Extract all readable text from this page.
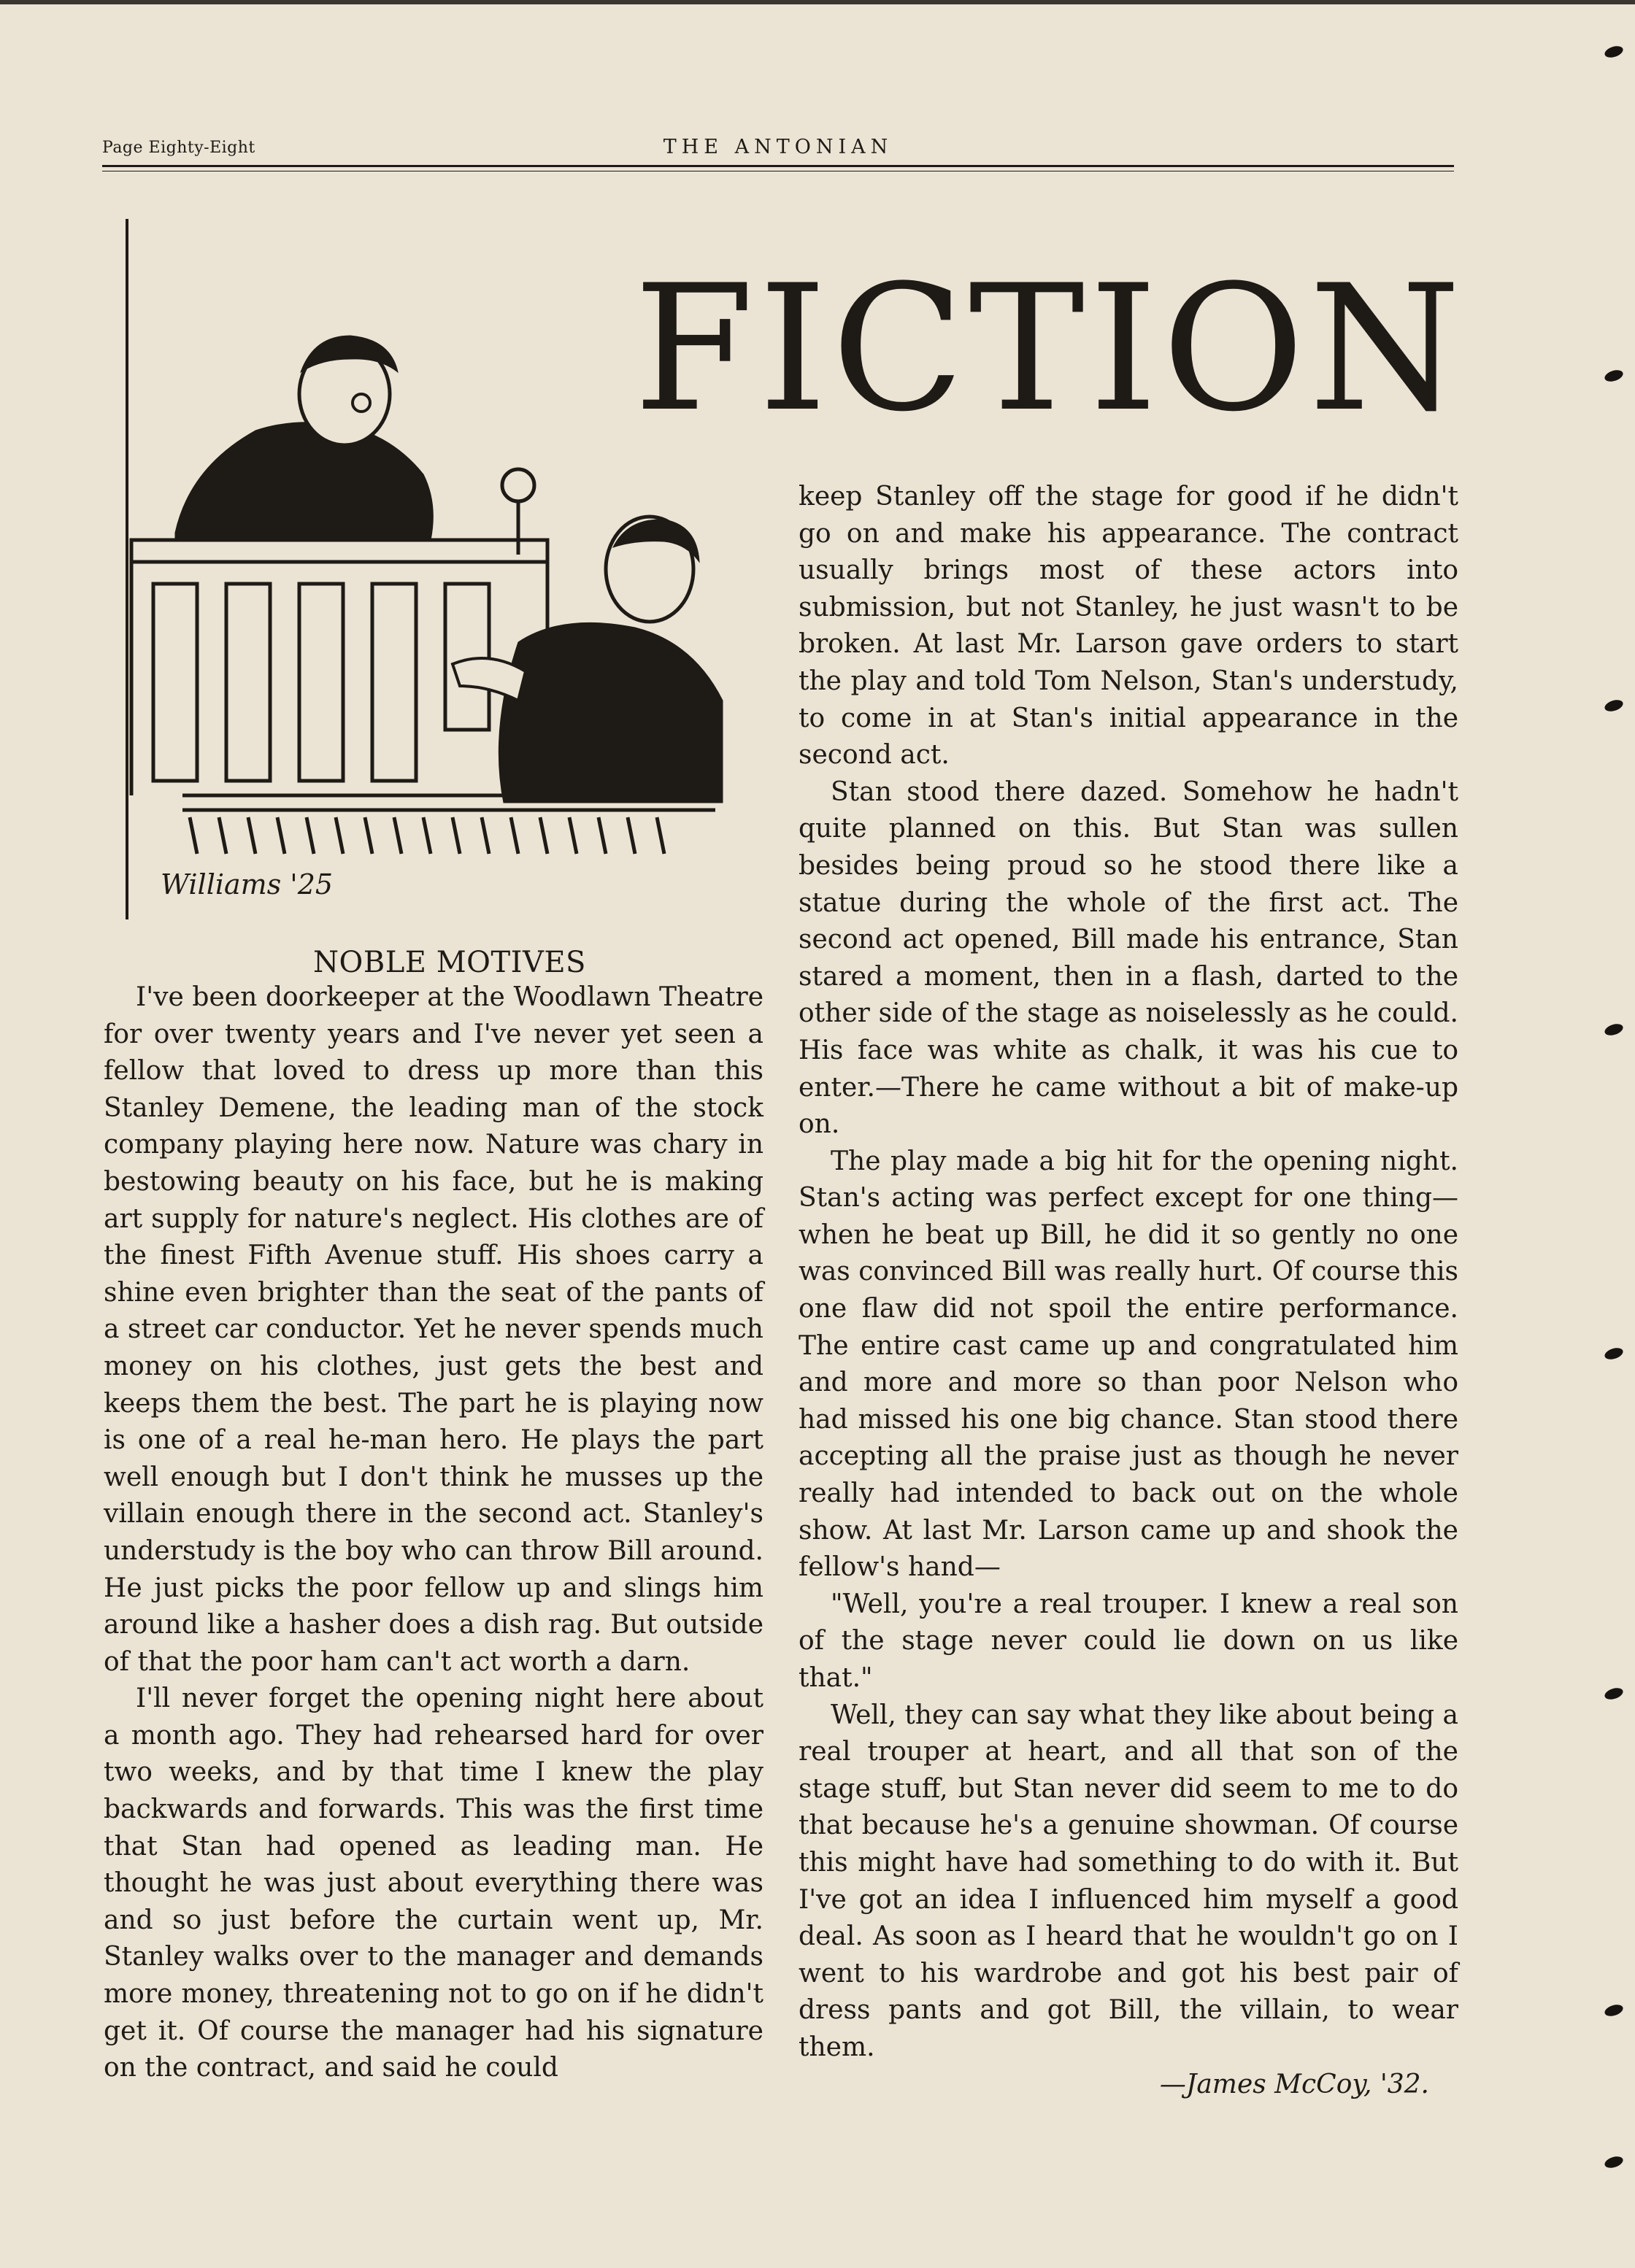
Page Eighty-Eight	THE ANTONIAN
Williams '25
FICTION

NOBLE MOTIVES

I've been doorkeeper at the Woodlawn Theatre for over twenty years and I've never yet seen a fellow that loved to dress up more than this Stanley Demene, the leading man of the stock company playing here now. Nature was chary in bestowing beauty on his face, but he is making art supply for nature's neglect. His clothes are of the finest Fifth Avenue stuff. His shoes carry a shine even brighter than the seat of the pants of a street car conductor. Yet he never spends much money on his clothes, just gets the best and keeps them the best. The part he is playing now is one of a real he-man hero. He plays the part well enough but I don't think he musses up the villain enough there in the second act. Stanley's understudy is the boy who can throw Bill around. He just picks the poor fellow up and slings him around like a hasher does a dish rag. But outside of that the poor ham can't act worth a darn.

I'll never forget the opening night here about a month ago. They had rehearsed hard for over two weeks, and by that time I knew the play backwards and forwards. This was the first time that Stan had opened as leading man. He thought he was just about everything there was and so just before the curtain went up, Mr. Stanley walks over to the manager and demands more money, threatening not to go on if he didn't get it. Of course the manager had his signature on the contract, and said he could

keep Stanley off the stage for good if he didn't go on and make his appearance. The contract usually brings most of these actors into submission, but not Stanley, he just wasn't to be broken. At last Mr. Larson gave orders to start the play and told Tom Nelson, Stan's understudy, to come in at Stan's initial appearance in the second act.

Stan stood there dazed. Somehow he hadn't quite planned on this. But Stan was sullen besides being proud so he stood there like a statue during the whole of the first act. The second act opened, Bill made his entrance, Stan stared a moment, then in a flash, darted to the other side of the stage as noiselessly as he could. His face was white as chalk, it was his cue to enter.—There he came without a bit of make-up on.

The play made a big hit for the opening night. Stan's acting was perfect except for one thing—when he beat up Bill, he did it so gently no one was convinced Bill was really hurt. Of course this one flaw did not spoil the entire performance. The entire cast came up and congratulated him and more and more so than poor Nelson who had missed his one big chance. Stan stood there accepting all the praise just as though he never really had intended to back out on the whole show. At last Mr. Larson came up and shook the fellow's hand—

"Well, you're a real trouper. I knew a real son of the stage never could lie down on us like that."

Well, they can say what they like about being a real trouper at heart, and all that son of the stage stuff, but Stan never did seem to me to do that because he's a genuine showman. Of course this might have had something to do with it. But I've got an idea I influenced him myself a good deal. As soon as I heard that he wouldn't go on I went to his wardrobe and got his best pair of dress pants and got Bill, the villain, to wear them.

—James McCoy, '32.
